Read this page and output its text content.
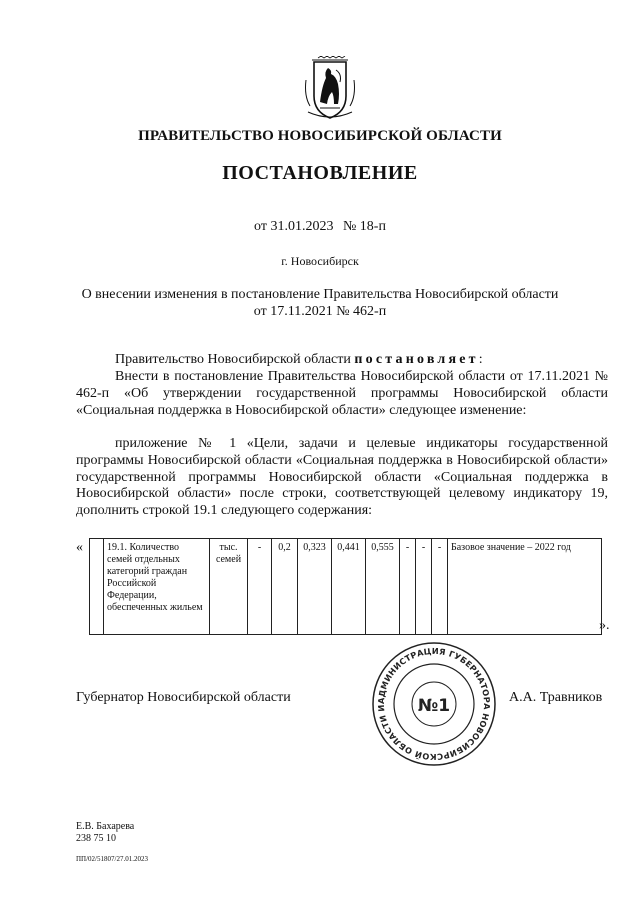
ПРАВИТЕЛЬСТВО НОВОСИБИРСКОЙ ОБЛАСТИ
ПОСТАНОВЛЕНИЕ
от 31.01.2023 № 18-п
г. Новосибирск
О внесении изменения в постановление Правительства Новосибирской области
от 17.11.2021 № 462-п
Правительство Новосибирской области постановляет:
Внести в постановление Правительства Новосибирской области от 17.11.2021 № 462-п «Об утверждении государственной программы Новосибирской области «Социальная поддержка в Новосибирской области» следующее изменение:
приложение № 1 «Цели, задачи и целевые индикаторы государственной программы Новосибирской области «Социальная поддержка в Новосибирской области» государственной программы Новосибирской области «Социальная поддержка в Новосибирской области» после строки, соответствующей целевому индикатору 19, дополнить строкой 19.1 следующего содержания:
«
	19.1. Количество семей отдельных категорий граждан Российской Федерации, обеспеченных жильем	тыс. семей	-	0,2	0,323	0,441	0,555	-	-	-	Базовое значение – 2022 год
».
АДМИНИСТРАЦИЯ ГУБЕРНАТОРА НОВОСИБИРСКОЙ ОБЛАСТИ И	№1
Губернатор Новосибирской области	А.А. Травников
Е.В. Бахарева
238 75 10
ПП/02/51807/27.01.2023
